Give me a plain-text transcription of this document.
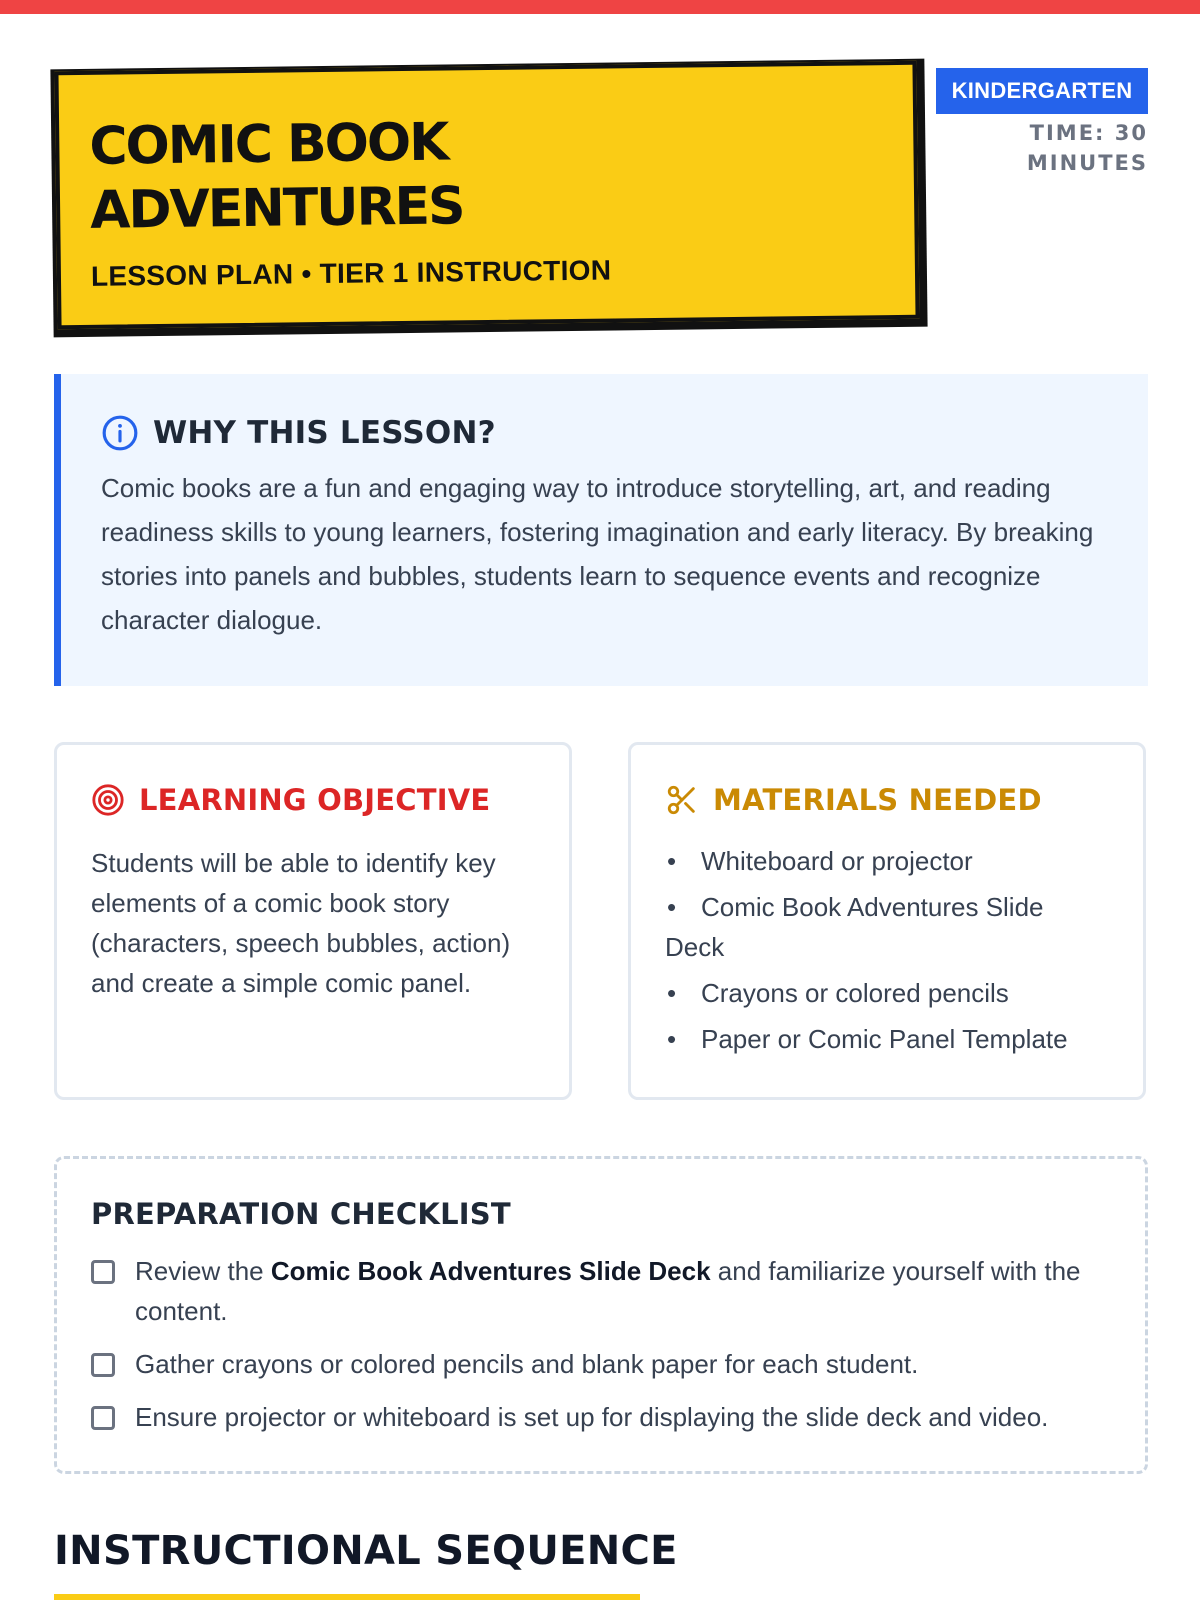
COMIC BOOK ADVENTURES
LESSON PLAN • TIER 1 INSTRUCTION
KINDERGARTEN
TIME: 30 MINUTES
WHY THIS LESSON?
Comic books are a fun and engaging way to introduce storytelling, art, and reading readiness skills to young learners, fostering imagination and early literacy. By breaking stories into panels and bubbles, students learn to sequence events and recognize character dialogue.
LEARNING OBJECTIVE
Students will be able to identify key elements of a comic book story (characters, speech bubbles, action) and create a simple comic panel.
MATERIALS NEEDED
• Whiteboard or projector
• Comic Book Adventures Slide Deck
• Crayons or colored pencils
• Paper or Comic Panel Template
PREPARATION CHECKLIST
Review the Comic Book Adventures Slide Deck and familiarize yourself with the content.
Gather crayons or colored pencils and blank paper for each student.
Ensure projector or whiteboard is set up for displaying the slide deck and video.
INSTRUCTIONAL SEQUENCE
